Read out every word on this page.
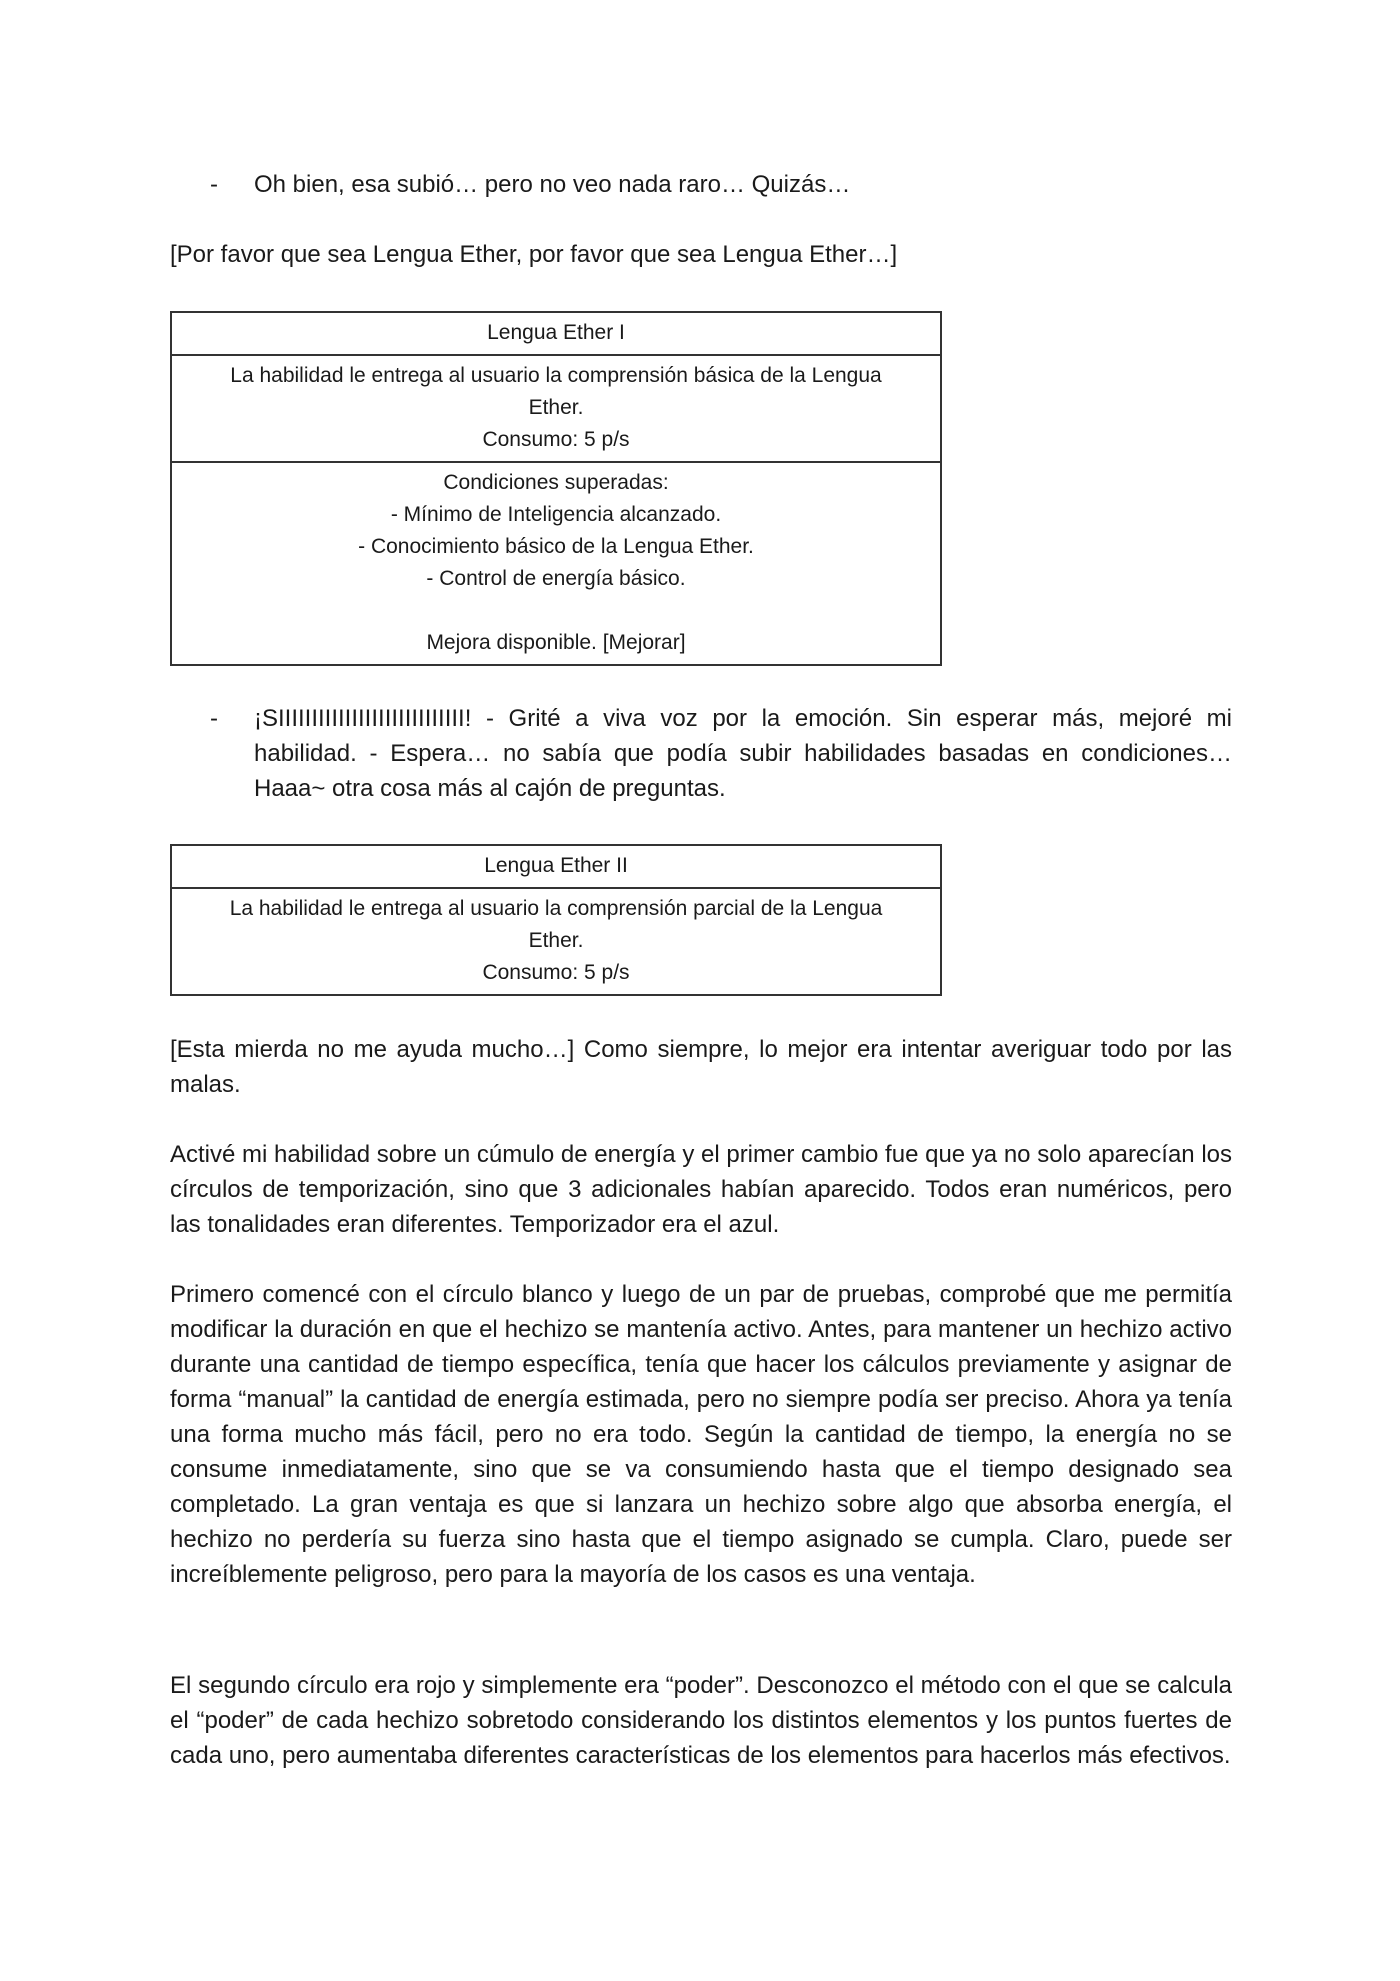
- Oh bien, esa subió… pero no veo nada raro… Quizás…
[Por favor que sea Lengua Ether, por favor que sea Lengua Ether…]
Lengua Ether I
La habilidad le entrega al usuario la comprensión básica de la Lengua
Ether.
Consumo: 5 p/s
Condiciones superadas:
- Mínimo de Inteligencia alcanzado.
- Conocimiento básico de la Lengua Ether.
- Control de energía básico.
Mejora disponible. [Mejorar]
- ¡SIIIIIIIIIIIIIIIIIIIIIIIIIIII! - Grité a viva voz por la emoción. Sin esperar más, mejoré mi habilidad. - Espera… no sabía que podía subir habilidades basadas en condiciones… Haaa~ otra cosa más al cajón de preguntas.
Lengua Ether II
La habilidad le entrega al usuario la comprensión parcial de la Lengua
Ether.
Consumo: 5 p/s
[Esta mierda no me ayuda mucho…] Como siempre, lo mejor era intentar averiguar todo por las malas.
Activé mi habilidad sobre un cúmulo de energía y el primer cambio fue que ya no solo aparecían los círculos de temporización, sino que 3 adicionales habían aparecido. Todos eran numéricos, pero las tonalidades eran diferentes. Temporizador era el azul.
Primero comencé con el círculo blanco y luego de un par de pruebas, comprobé que me permitía modificar la duración en que el hechizo se mantenía activo. Antes, para mantener un hechizo activo durante una cantidad de tiempo específica, tenía que hacer los cálculos previamente y asignar de forma “manual” la cantidad de energía estimada, pero no siempre podía ser preciso. Ahora ya tenía una forma mucho más fácil, pero no era todo. Según la cantidad de tiempo, la energía no se consume inmediatamente, sino que se va consumiendo hasta que el tiempo designado sea completado. La gran ventaja es que si lanzara un hechizo sobre algo que absorba energía, el hechizo no perdería su fuerza sino hasta que el tiempo asignado se cumpla. Claro, puede ser increíblemente peligroso, pero para la mayoría de los casos es una ventaja.
El segundo círculo era rojo y simplemente era “poder”. Desconozco el método con el que se calcula el “poder” de cada hechizo sobretodo considerando los distintos elementos y los puntos fuertes de cada uno, pero aumentaba diferentes características de los elementos para hacerlos más efectivos.
